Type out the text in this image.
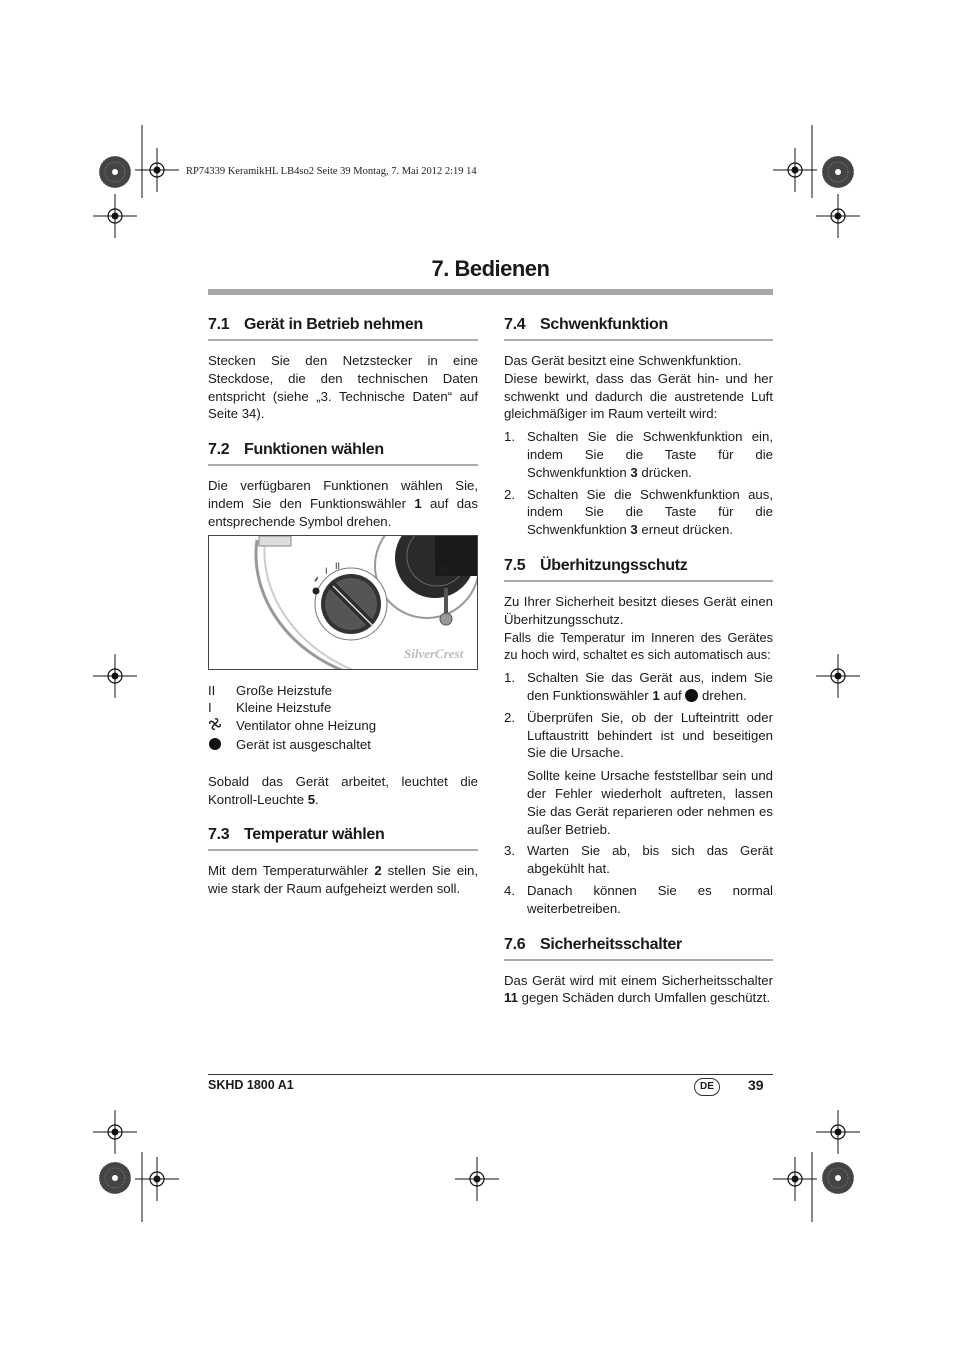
RP74339 KeramikHL LB4so2 Seite 39 Montag, 7. Mai 2012 2:19 14
7. Bedienen
7.1 Gerät in Betrieb nehmen

Stecken Sie den Netzstecker in eine Steckdose, die den technischen Daten entspricht (siehe „3. Technische Daten“ auf Seite 34).

7.2 Funktionen wählen

Die verfügbaren Funktionen wählen Sie, indem Sie den Funktionswähler 1 auf das entsprechende Symbol drehen.

❄
⸙
I II
SilverCrest
II	Große Heizstufe
I	Kleine Heizstufe
Ventilator ohne Heizung
Gerät ist ausgeschaltet

Sobald das Gerät arbeitet, leuchtet die Kontroll-Leuchte 5.

7.3 Temperatur wählen

Mit dem Temperaturwähler 2 stellen Sie ein, wie stark der Raum aufgeheizt werden soll.

7.4 Schwenkfunktion

Das Gerät besitzt eine Schwenkfunktion.

Diese bewirkt, dass das Gerät hin- und her schwenkt und dadurch die austretende Luft gleichmäßiger im Raum verteilt wird:

1. Schalten Sie die Schwenkfunktion ein, indem Sie die Taste für die Schwenkfunktion 3 drücken.
2. Schalten Sie die Schwenkfunktion aus, indem Sie die Taste für die Schwenkfunktion 3 erneut drücken.
7.5 Überhitzungsschutz

Zu Ihrer Sicherheit besitzt dieses Gerät einen Überhitzungsschutz.

Falls die Temperatur im Inneren des Gerätes zu hoch wird, schaltet es sich automatisch aus:

1. Schalten Sie das Gerät aus, indem Sie den Funktionswähler 1 auf  drehen.
2. Überprüfen Sie, ob der Lufteintritt oder Luftaustritt behindert ist und beseitigen Sie die Ursache.
Sollte keine Ursache feststellbar sein und der Fehler wiederholt auftreten, lassen Sie das Gerät reparieren oder nehmen es außer Betrieb.
3. Warten Sie ab, bis sich das Gerät abgekühlt hat.
4. Danach können Sie es normal weiterbetreiben.
7.6 Sicherheitsschalter

Das Gerät wird mit einem Sicherheitsschalter 11 gegen Schäden durch Umfallen geschützt.

SKHD 1800 A1	DE	39
